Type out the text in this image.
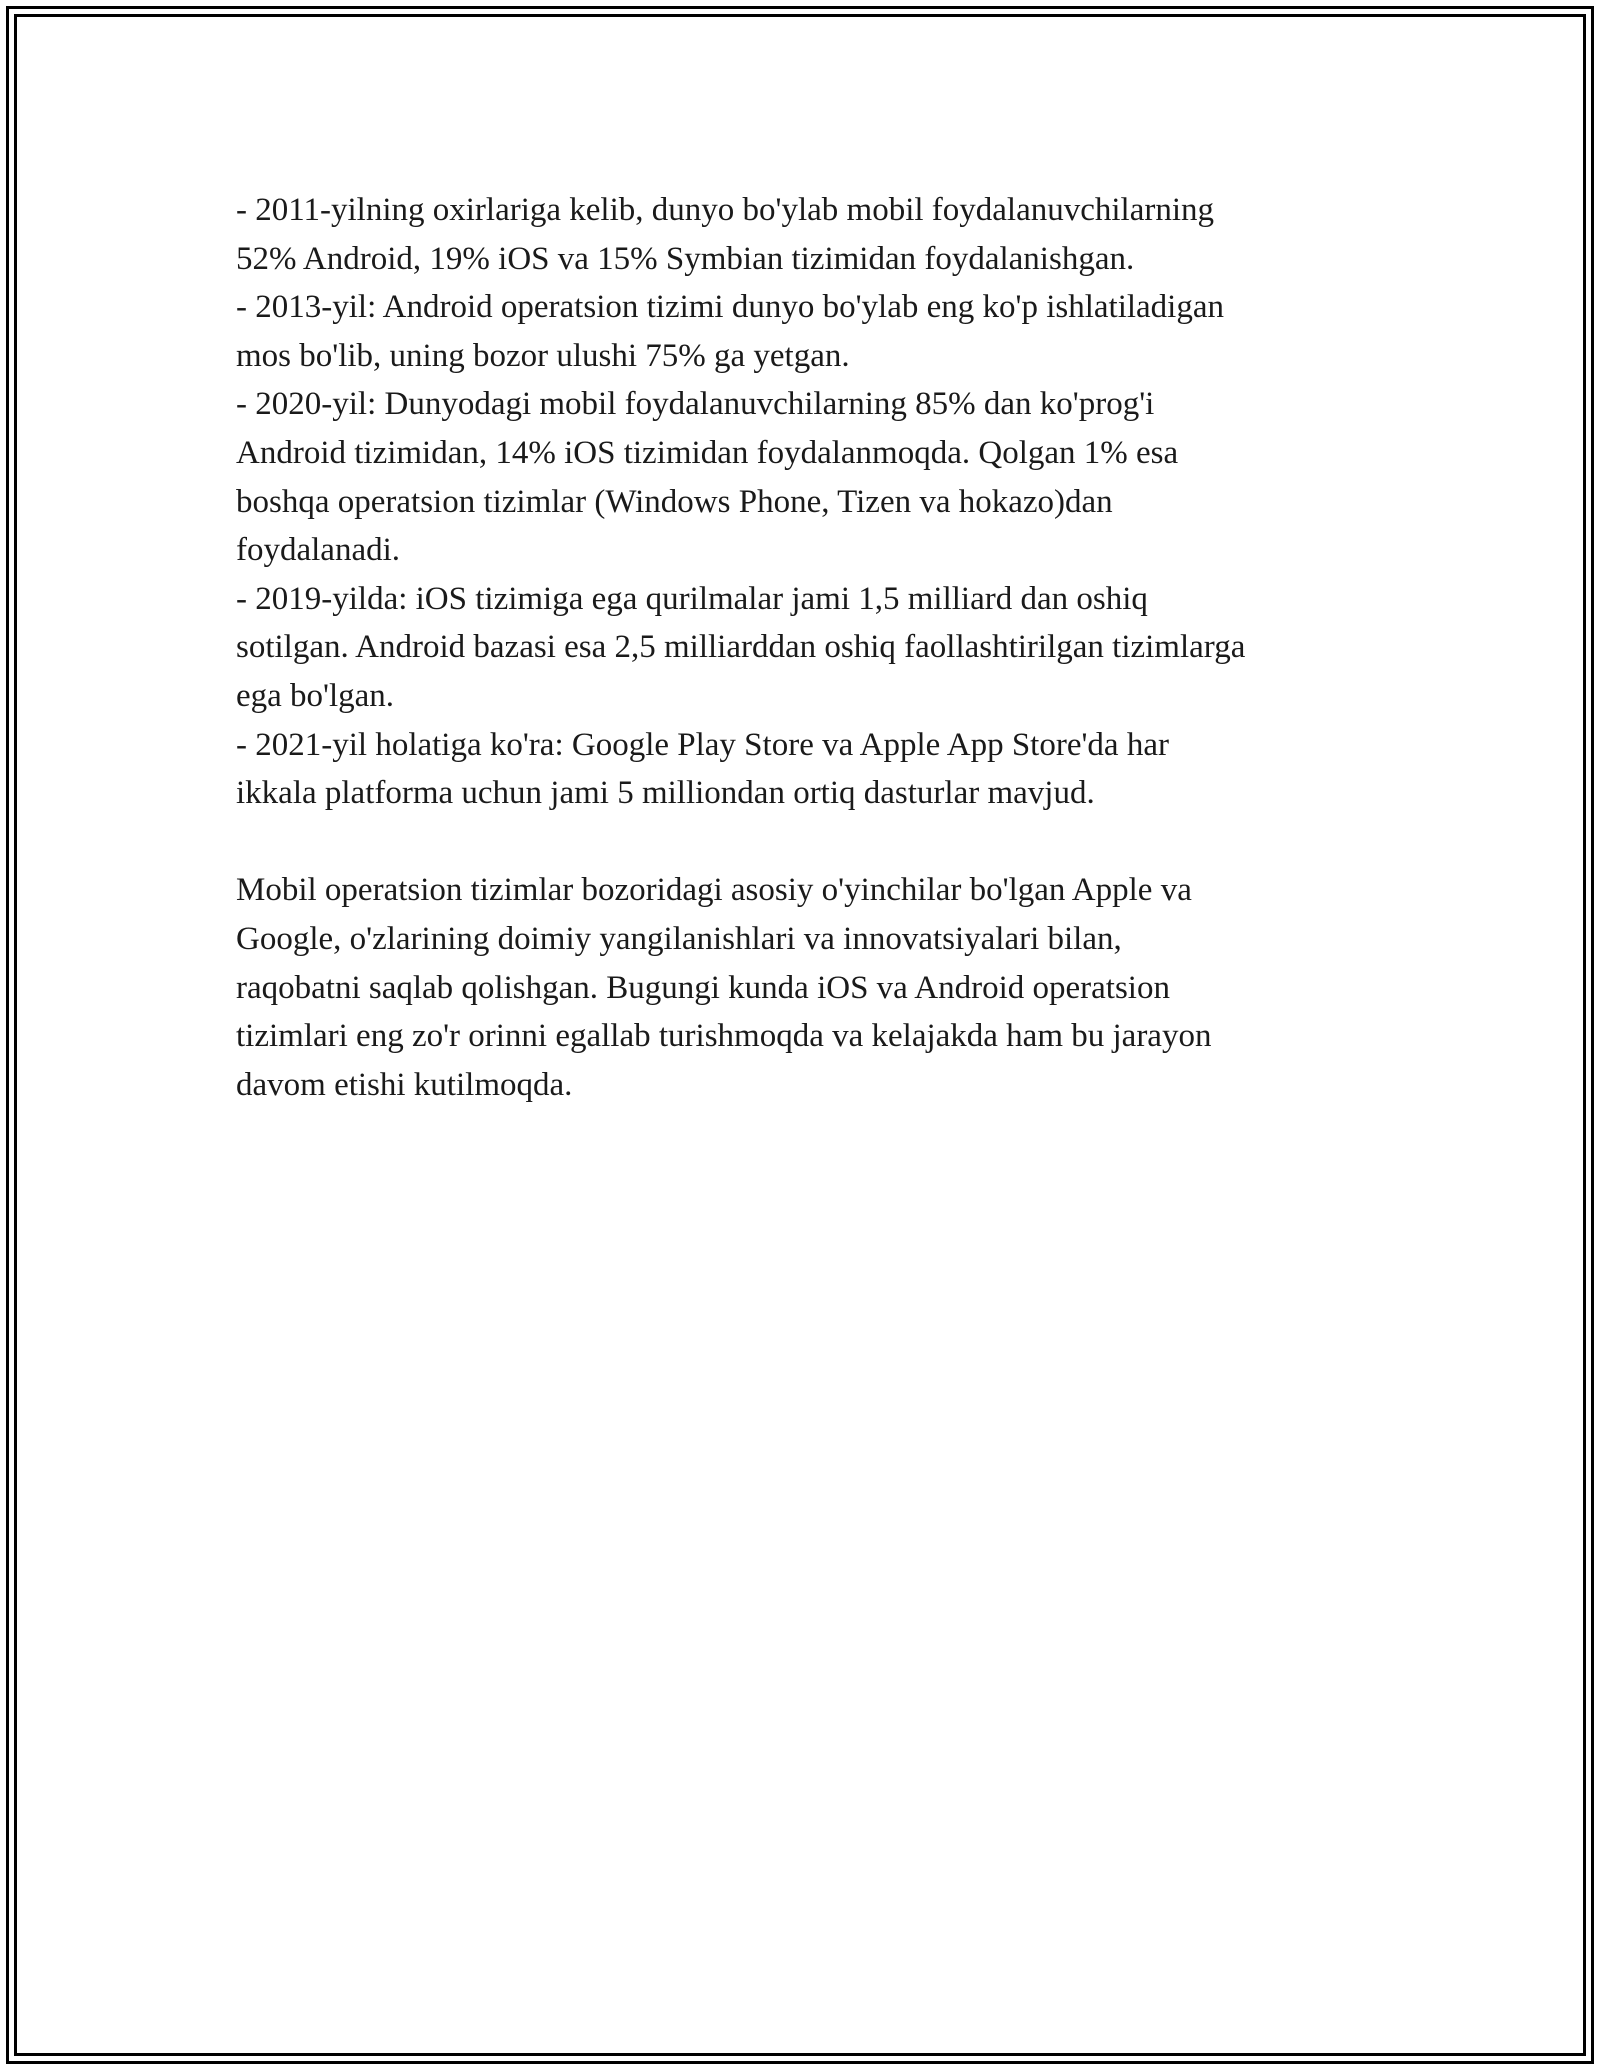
- 2011-yilning oxirlariga kelib, dunyo bo'ylab mobil foydalanuvchilarning
52% Android, 19% iOS va 15% Symbian tizimidan foydalanishgan.
- 2013-yil: Android operatsion tizimi dunyo bo'ylab eng ko'p ishlatiladigan
mos bo'lib, uning bozor ulushi 75% ga yetgan.
- 2020-yil: Dunyodagi mobil foydalanuvchilarning 85% dan ko'prog'i
Android tizimidan, 14% iOS tizimidan foydalanmoqda. Qolgan 1% esa
boshqa operatsion tizimlar (Windows Phone, Tizen va hokazo)dan
foydalanadi.
- 2019-yilda: iOS tizimiga ega qurilmalar jami 1,5 milliard dan oshiq
sotilgan. Android bazasi esa 2,5 milliarddan oshiq faollashtirilgan tizimlarga
ega bo'lgan.
- 2021-yil holatiga ko'ra: Google Play Store va Apple App Store'da har
ikkala platforma uchun jami 5 milliondan ortiq dasturlar mavjud.
Mobil operatsion tizimlar bozoridagi asosiy o'yinchilar bo'lgan Apple va
Google, o'zlarining doimiy yangilanishlari va innovatsiyalari bilan,
raqobatni saqlab qolishgan. Bugungi kunda iOS va Android operatsion
tizimlari eng zo'r orinni egallab turishmoqda va kelajakda ham bu jarayon
davom etishi kutilmoqda.
